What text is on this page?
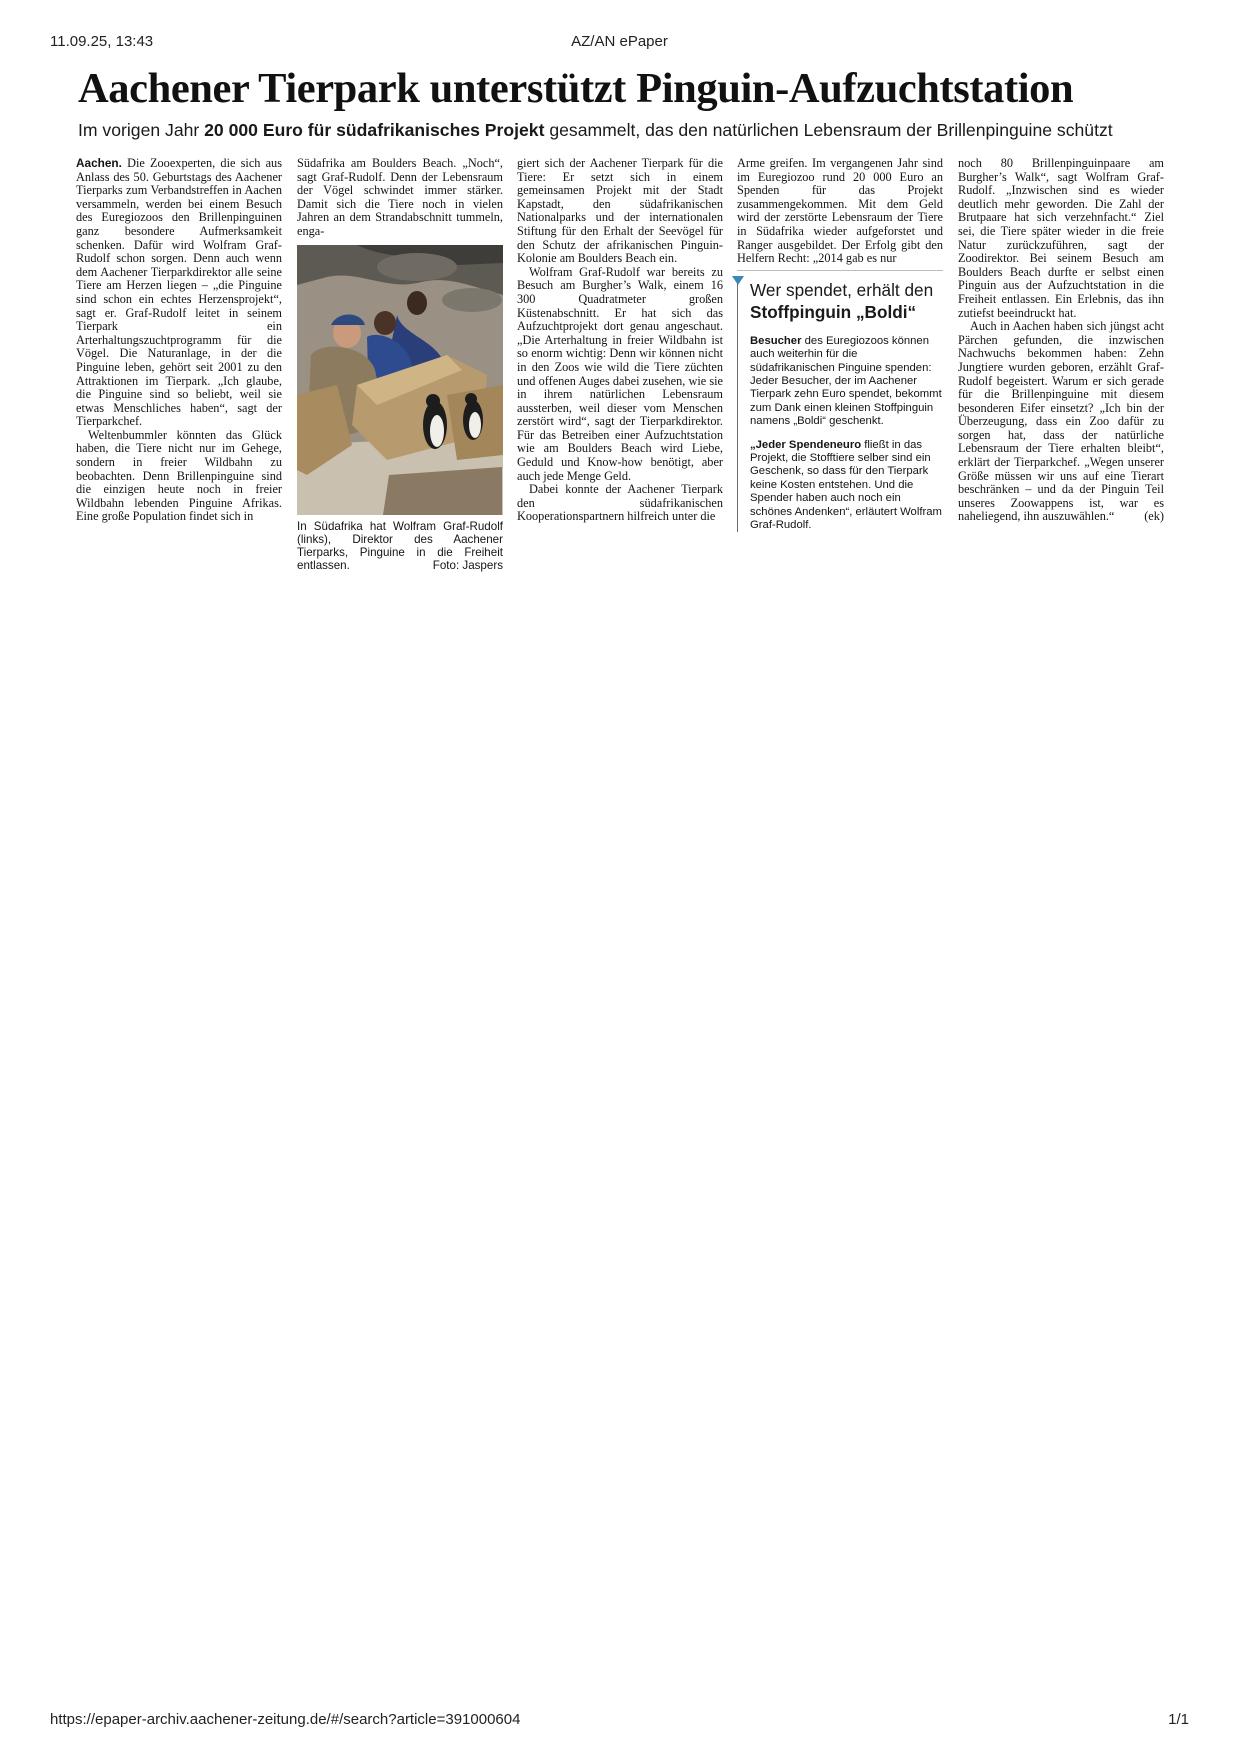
11.09.25, 13:43	AZ/AN ePaper
Aachener Tierpark unterstützt Pinguin-Aufzuchtstation
Im vorigen Jahr 20 000 Euro für südafrikanisches Projekt gesammelt, das den natürlichen Lebensraum der Brillenpinguine schützt

Aachen. Die Zooexperten, die sich aus Anlass des 50. Geburtstags des Aachener Tierparks zum Verbandstreffen in Aachen versammeln, werden bei einem Besuch des Euregiozoos den Brillenpinguinen ganz besondere Aufmerksamkeit schenken. Dafür wird Wolfram Graf-Rudolf schon sorgen. Denn auch wenn dem Aachener Tierparkdirektor alle seine Tiere am Herzen liegen – „die Pinguine sind schon ein echtes Herzensprojekt“, sagt er. Graf-Rudolf leitet in seinem Tierpark ein Arterhaltungszuchtprogramm für die Vögel. Die Naturanlage, in der die Pinguine leben, gehört seit 2001 zu den Attraktionen im Tierpark. „Ich glaube, die Pinguine sind so beliebt, weil sie etwas Menschliches haben“, sagt der Tierparkchef.

Weltenbummler könnten das Glück haben, die Tiere nicht nur im Gehege, sondern in freier Wildbahn zu beobachten. Denn Brillenpinguine sind die einzigen heute noch in freier Wildbahn lebenden Pinguine Afrikas. Eine große Population findet sich in

Südafrika am Boulders Beach. „Noch“, sagt Graf-Rudolf. Denn der Lebensraum der Vögel schwindet immer stärker. Damit sich die Tiere noch in vielen Jahren an dem Strandabschnitt tummeln, enga-

In Südafrika hat Wolfram Graf-Rudolf (links), Direktor des Aachener Tierparks, Pinguine in die Freiheit entlassen.	Foto: Jaspers

giert sich der Aachener Tierpark für die Tiere: Er setzt sich in einem gemeinsamen Projekt mit der Stadt Kapstadt, den südafrikanischen Nationalparks und der internationalen Stiftung für den Erhalt der Seevögel für den Schutz der afrikanischen Pinguin-Kolonie am Boulders Beach ein.

Wolfram Graf-Rudolf war bereits zu Besuch am Burgher’s Walk, einem 16 300 Quadratmeter großen Küstenabschnitt. Er hat sich das Aufzuchtprojekt dort genau angeschaut. „Die Arterhaltung in freier Wildbahn ist so enorm wichtig: Denn wir können nicht in den Zoos wie wild die Tiere züchten und offenen Auges dabei zusehen, wie sie in ihrem natürlichen Lebensraum aussterben, weil dieser vom Menschen zerstört wird“, sagt der Tierparkdirektor. Für das Betreiben einer Aufzuchtstation wie am Boulders Beach wird Liebe, Geduld und Know-how benötigt, aber auch jede Menge Geld.

Dabei konnte der Aachener Tierpark den südafrikanischen Kooperationspartnern hilfreich unter die

Arme greifen. Im vergangenen Jahr sind im Euregiozoo rund 20 000 Euro an Spenden für das Projekt zusammengekommen. Mit dem Geld wird der zerstörte Lebensraum der Tiere in Südafrika wieder aufgeforstet und Ranger ausgebildet. Der Erfolg gibt den Helfern Recht: „2014 gab es nur

Wer spendet, erhält den
Stoffpinguin „Boldi“

Besucher des Euregiozoos können auch weiterhin für die südafrikanischen Pinguine spenden: Jeder Besucher, der im Aachener Tierpark zehn Euro spendet, bekommt zum Dank einen kleinen Stoffpinguin namens „Boldi“ geschenkt.

„Jeder Spendeneuro fließt in das Projekt, die Stofftiere selber sind ein Geschenk, so dass für den Tierpark keine Kosten entstehen. Und die Spender haben auch noch ein schönes Andenken“, erläutert Wolfram Graf-Rudolf.

noch 80 Brillenpinguinpaare am Burgher’s Walk“, sagt Wolfram Graf-Rudolf. „Inzwischen sind es wieder deutlich mehr geworden. Die Zahl der Brutpaare hat sich verzehnfacht.“ Ziel sei, die Tiere später wieder in die freie Natur zurückzuführen, sagt der Zoodirektor. Bei seinem Besuch am Boulders Beach durfte er selbst einen Pinguin aus der Aufzuchtstation in die Freiheit entlassen. Ein Erlebnis, das ihn zutiefst beeindruckt hat.

Auch in Aachen haben sich jüngst acht Pärchen gefunden, die inzwischen Nachwuchs bekommen haben: Zehn Jungtiere wurden geboren, erzählt Graf-Rudolf begeistert. Warum er sich gerade für die Brillenpinguine mit diesem besonderen Eifer einsetzt? „Ich bin der Überzeugung, dass ein Zoo dafür zu sorgen hat, dass der natürliche Lebensraum der Tiere erhalten bleibt“, erklärt der Tierparkchef. „Wegen unserer Größe müssen wir uns auf eine Tierart beschränken – und da der Pinguin Teil unseres Zoowappens ist, war es naheliegend, ihn auszuwählen.“	(ek)

https://epaper-archiv.aachener-zeitung.de/#/search?article=391000604	1/1
